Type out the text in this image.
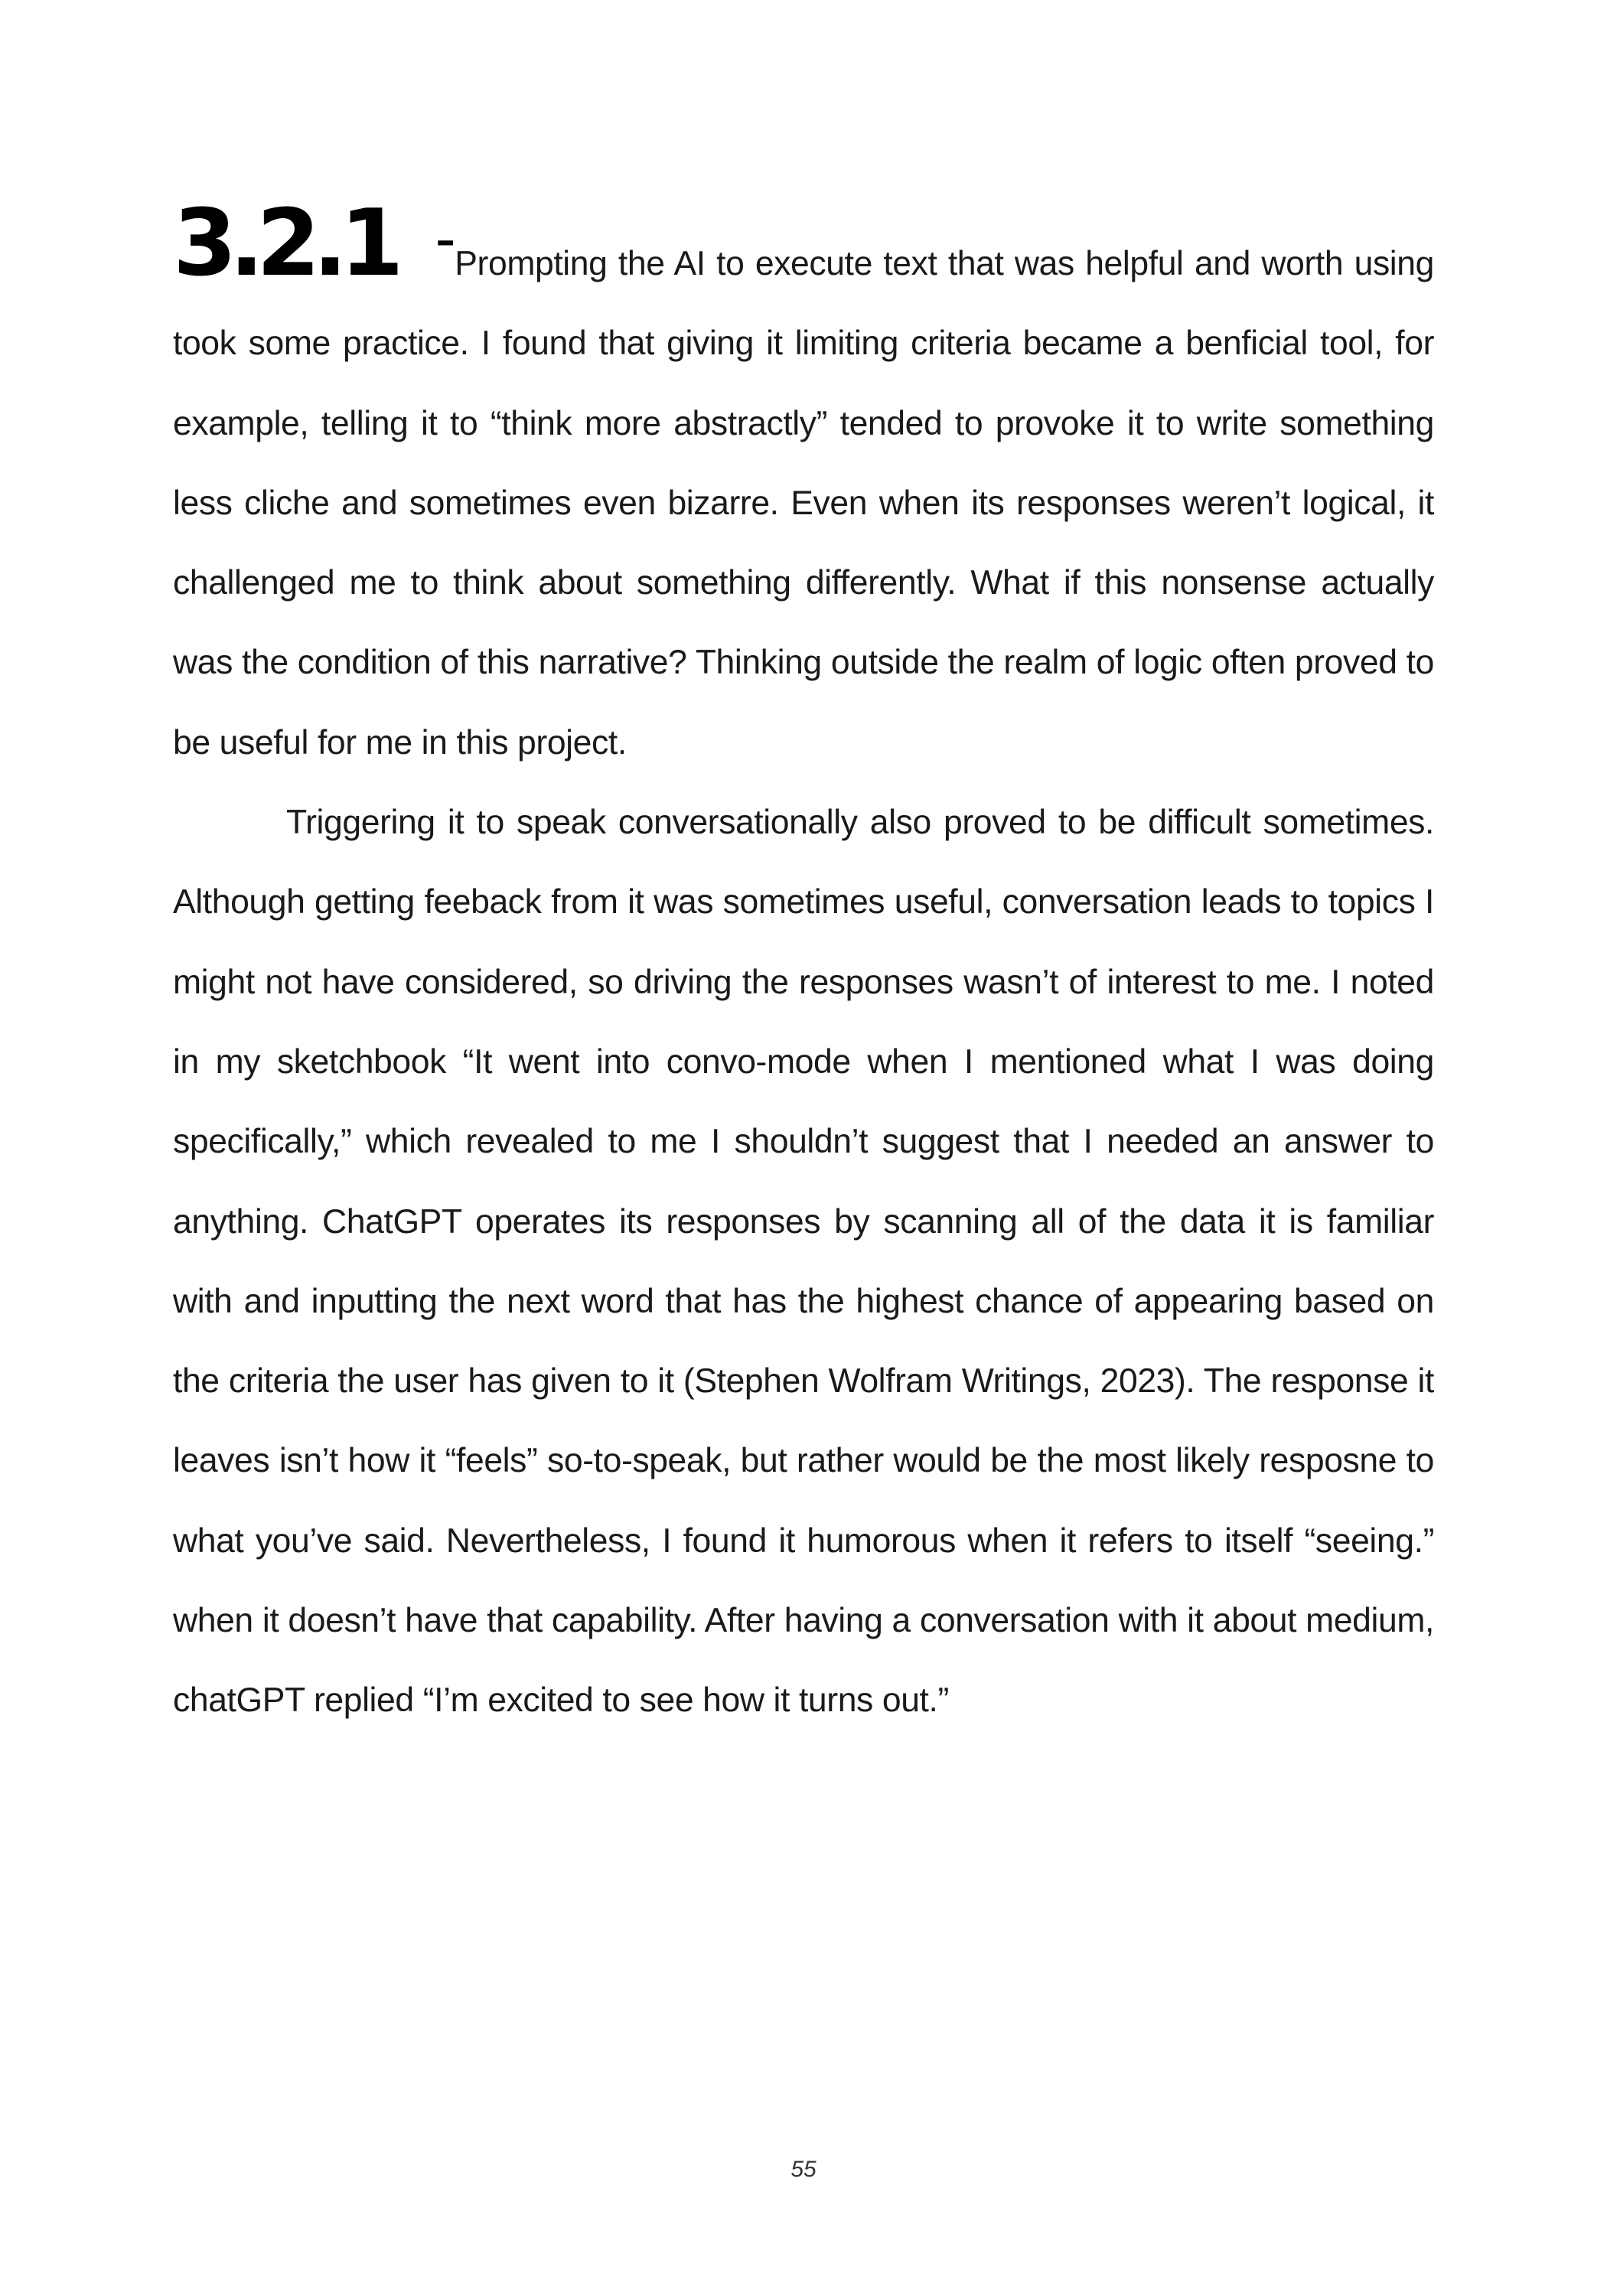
3.2.1 –Prompting the AI to execute text that was helpful and worth using took some practice. I found that giving it limiting criteria became a benficial tool, for example, telling it to “think more abstractly” tended to provoke it to write something less cliche and sometimes even bizarre. Even when its responses weren’t logical, it challenged me to think about something differently. What if this nonsense actually was the condition of this narrative? Thinking outside the realm of logic often proved to be useful for me in this project.

Triggering it to speak conversationally also proved to be difficult sometimes. Although getting feeback from it was sometimes useful, conversation leads to topics I might not have considered, so driving the responses wasn’t of interest to me. I noted in my sketchbook “It went into convo-mode when I mentioned what I was doing specifically,” which revealed to me I shouldn’t suggest that I needed an answer to anything. ChatGPT operates its responses by scanning all of the data it is familiar with and inputting the next word that has the highest chance of appearing based on the criteria the user has given to it (Stephen Wolfram Writings, 2023). The response it leaves isn’t how it “feels” so-to-speak, but rather would be the most likely resposne to what you’ve said. Nevertheless, I found it humorous when it refers to itself “seeing.” when it doesn’t have that capability. After having a conversation with it about medium, chatGPT replied “I’m excited to see how it turns out.”

55
